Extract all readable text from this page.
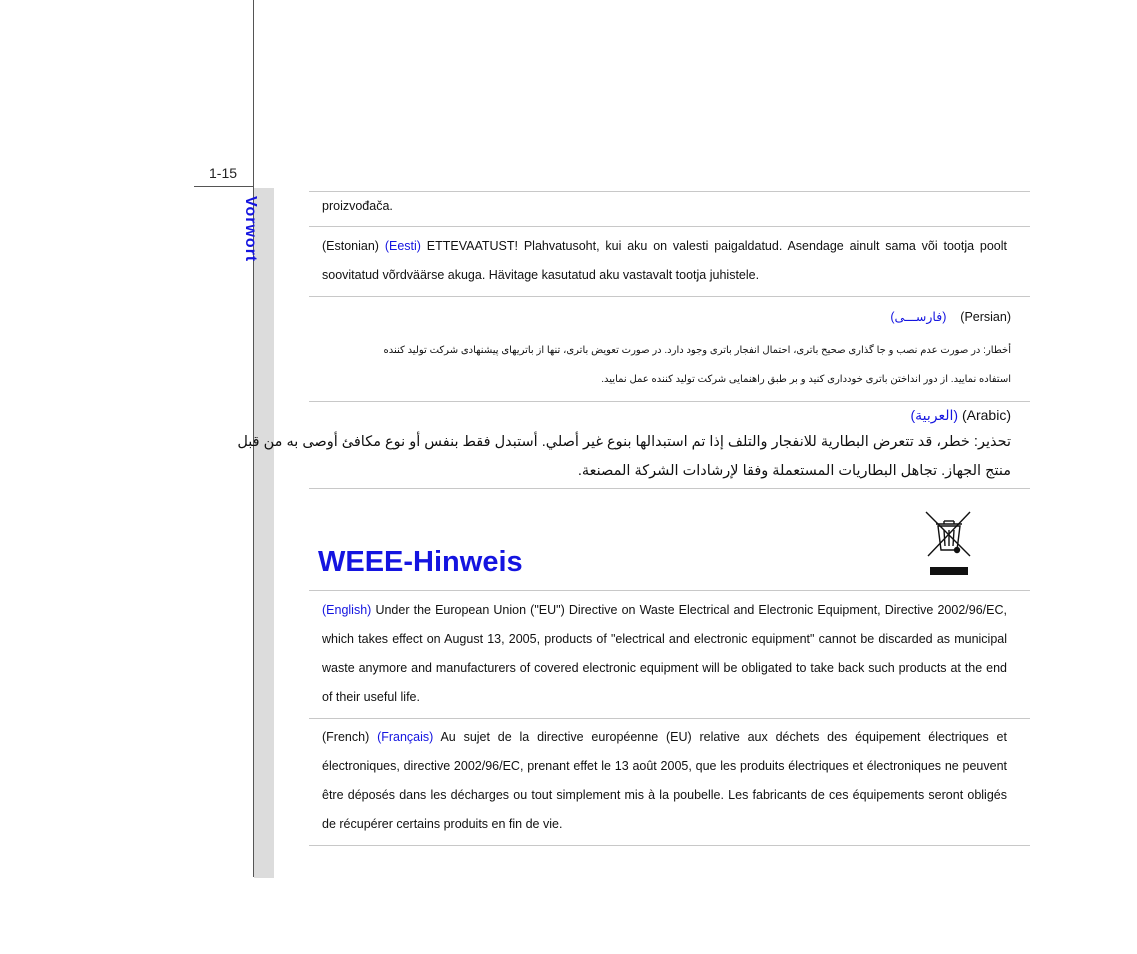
1-15
Vorwort	proizvođača.
(Estonian) (Eesti) ETTEVAATUST! Plahvatusoht, kui aku on valesti paigaldatud. Asendage ainult sama või tootja poolt soovitatud võrdväärse akuga. Hävitage kasutatud aku vastavalt tootja juhistele.
(Persian)    (فارســـی)
أخطار: در صورت عدم نصب و جا گذاری صحیح باتری، احتمال انفجار باتری وجود دارد. در صورت تعویض باتری، تنها از باتریهای پیشنهادی شرکت تولید کننده
استفاده نمایید. از دور انداختن باتری خودداری کنید و بر طبق راهنمایی شرکت تولید کننده عمل نمایید.
(Arabic) (العربية)
تحذير: خطر، قد تتعرض البطارية للانفجار والتلف إذا تم استبدالها بنوع غير أصلي. أستبدل فقط بنفس أو نوع مكافئ أوصى به من قبل
منتج الجهاز. تجاهل البطاريات المستعملة وفقا لإرشادات الشركة المصنعة.
WEEE-Hinweis
(English) Under the European Union ("EU") Directive on Waste Electrical and Electronic Equipment, Directive 2002/96/EC, which takes effect on August 13, 2005, products of "electrical and electronic equipment" cannot be discarded as municipal waste anymore and manufacturers of covered electronic equipment will be obligated to take back such products at the end of their useful life.
(French) (Français) Au sujet de la directive européenne (EU) relative aux déchets des équipement électriques et électroniques, directive 2002/96/EC, prenant effet le 13 août 2005, que les produits électriques et électroniques ne peuvent être déposés dans les décharges ou tout simplement mis à la poubelle. Les fabricants de ces équipements seront obligés de récupérer certains produits en fin de vie.
